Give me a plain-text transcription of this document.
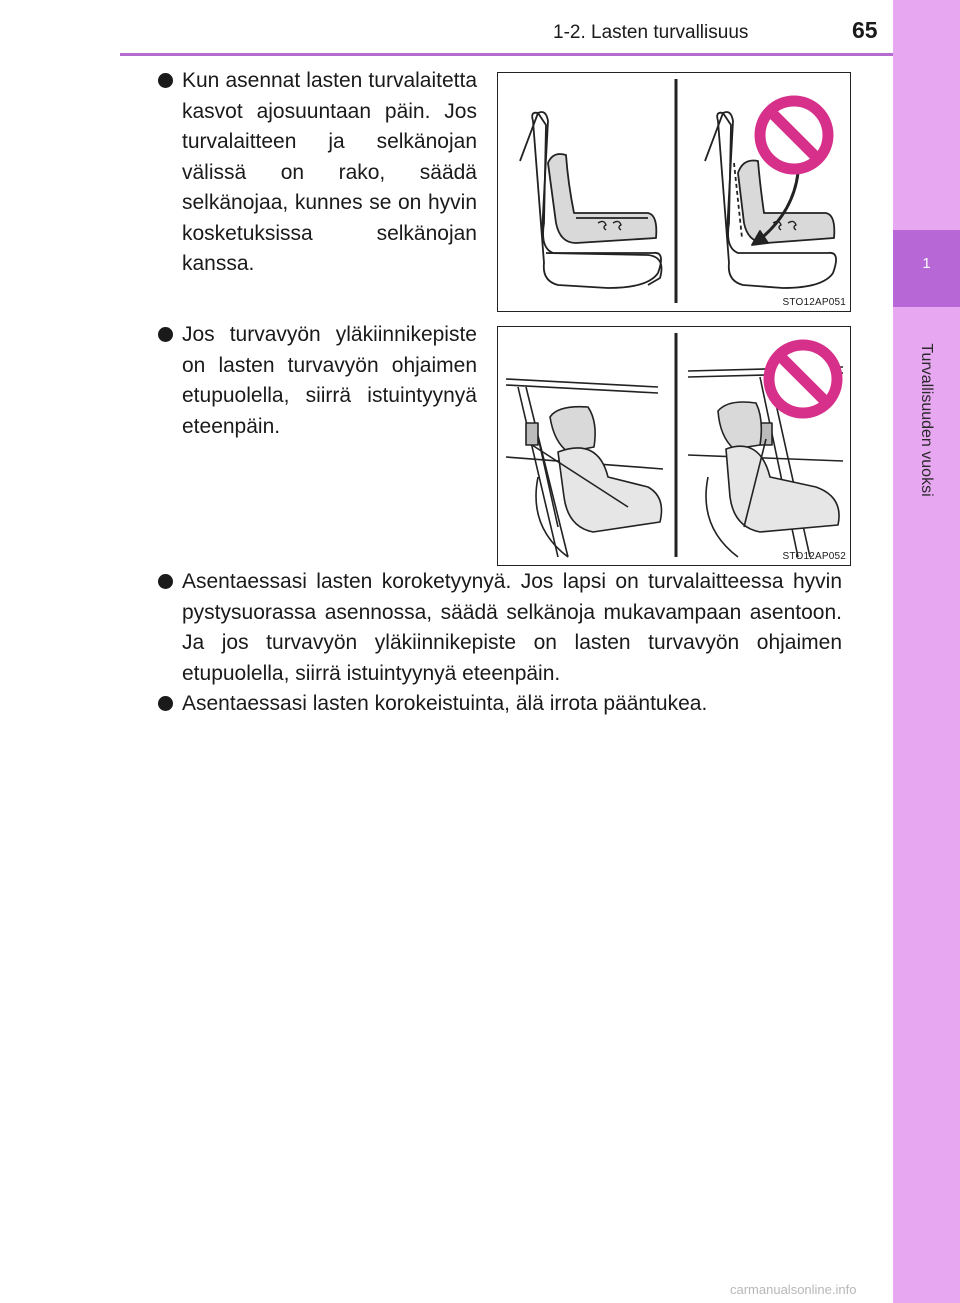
1-2. Lasten turvallisuus	65
1
Turvallisuuden vuoksi
Kun asennat lasten turvalaitetta kasvot ajosuuntaan päin. Jos turvalaitteen ja selkänojan välissä on rako, säädä selkänojaa, kunnes se on hyvin kosketuksissa selkänojan kanssa.
STO12AP051
Jos turvavyön yläkiinnikepiste on lasten turvavyön ohjaimen etupuolella, siirrä istuintyynyä eteenpäin.
STO12AP052
Asentaessasi lasten koroketyynyä. Jos lapsi on turvalaitteessa hyvin pystysuorassa asennossa, säädä selkänoja mukavampaan asentoon. Ja jos turvavyön yläkiinnikepiste on lasten turvavyön ohjaimen etupuolella, siirrä istuintyynyä eteenpäin.
Asentaessasi lasten korokeistuinta, älä irrota pääntukea.
carmanualsonline.info
